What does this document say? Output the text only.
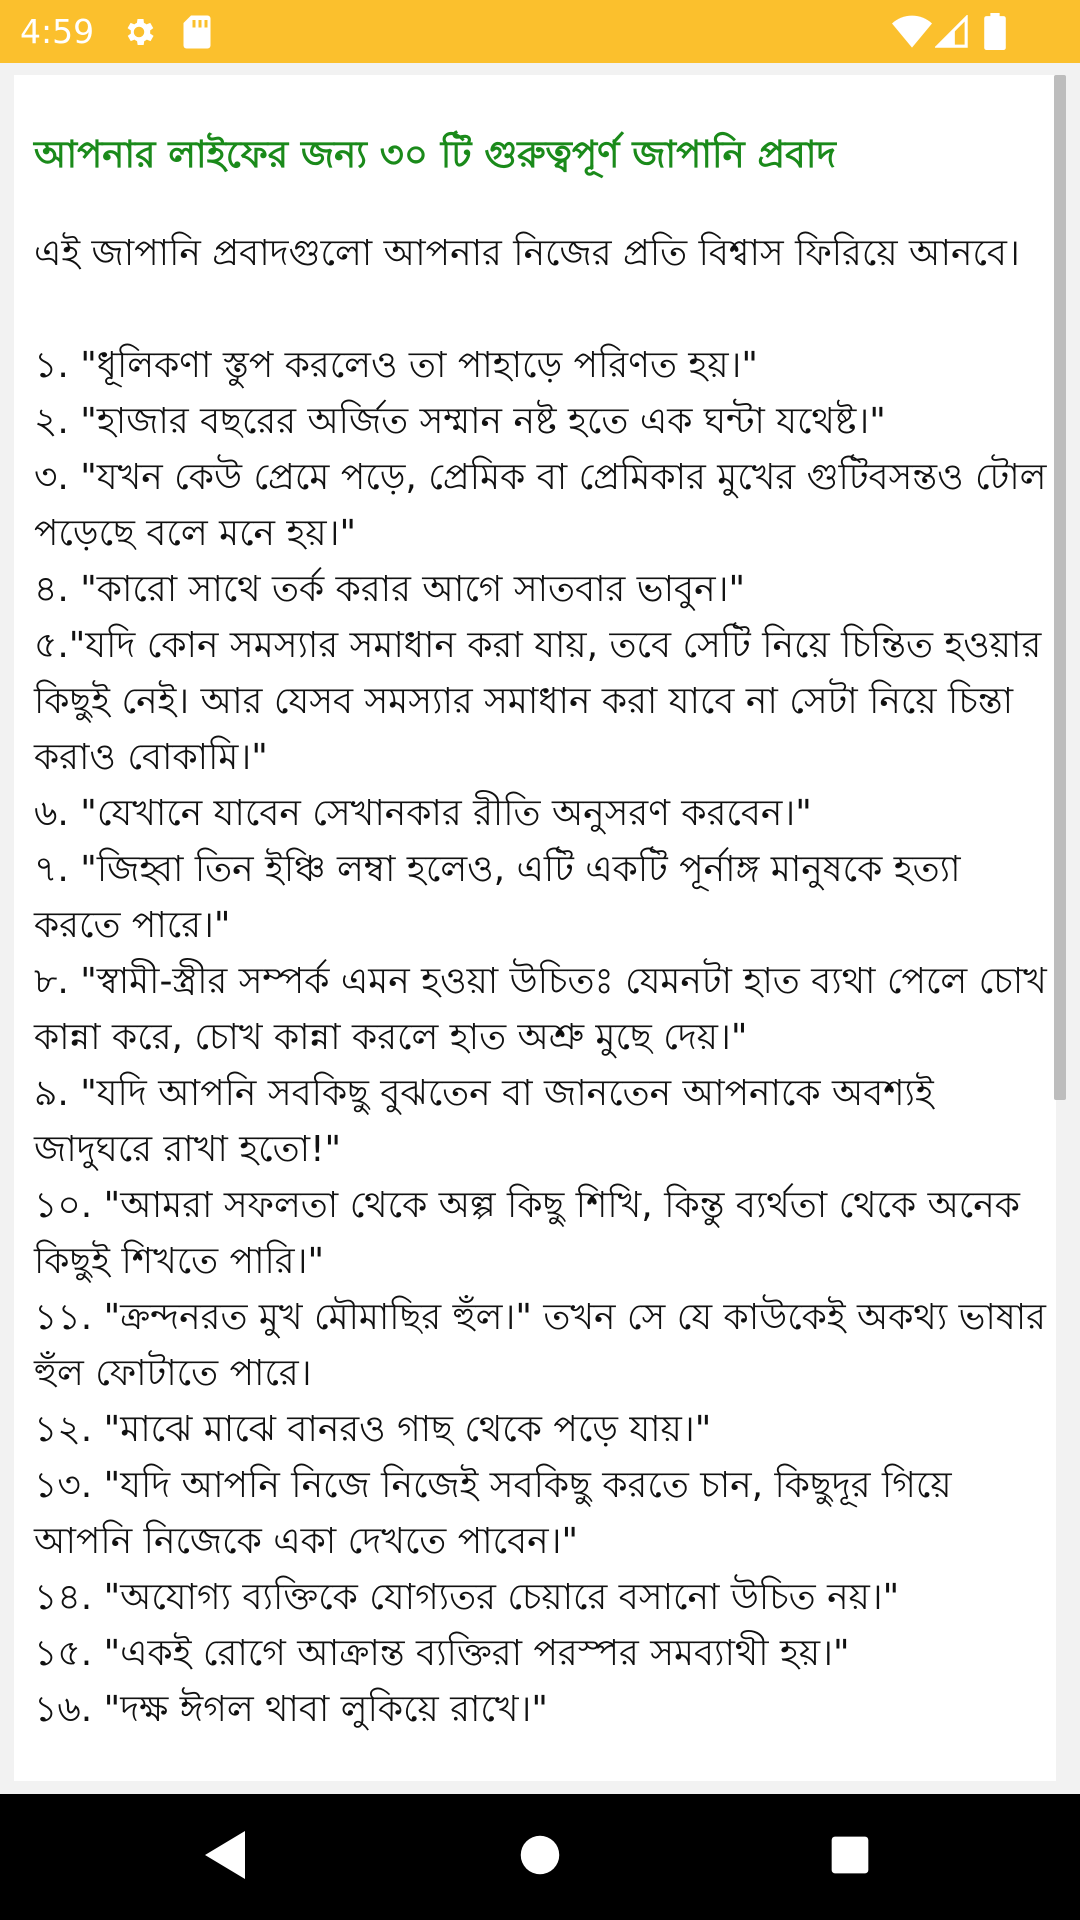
4:59
আপনার লাইফের জন্য ৩০ টি গুরুত্বপূর্ণ জাপানি প্রবাদ

এই জাপানি প্রবাদগুলো আপনার নিজের প্রতি বিশ্বাস ফিরিয়ে আনবে।

১. "ধূলিকণা স্তুপ করলেও তা পাহাড়ে পরিণত হয়।"
২. "হাজার বছরের অর্জিত সম্মান নষ্ট হতে এক ঘন্টা যথেষ্ট।"
৩. "যখন কেউ প্রেমে পড়ে, প্রেমিক বা প্রেমিকার মুখের গুটিবসন্তও টোল পড়েছে বলে মনে হয়।"
৪. "কারো সাথে তর্ক করার আগে সাতবার ভাবুন।"
৫."যদি কোন সমস্যার সমাধান করা যায়, তবে সেটি নিয়ে চিন্তিত হওয়ার কিছুই নেই। আর যেসব সমস্যার সমাধান করা যাবে না সেটা নিয়ে চিন্তা করাও বোকামি।"
৬. "যেখানে যাবেন সেখানকার রীতি অনুসরণ করবেন।"
৭. "জিহ্বা তিন ইঞ্চি লম্বা হলেও, এটি একটি পূর্নাঙ্গ মানুষকে হত্যা করতে পারে।"
৮. "স্বামী-স্ত্রীর সম্পর্ক এমন হওয়া উচিতঃ যেমনটা হাত ব্যথা পেলে চোখ কান্না করে, চোখ কান্না করলে হাত অশ্রু মুছে দেয়।"
৯. "যদি আপনি সবকিছু বুঝতেন বা জানতেন আপনাকে অবশ্যই জাদুঘরে রাখা হতো!"
১০. "আমরা সফলতা থেকে অল্প কিছু শিখি, কিন্তু ব্যর্থতা থেকে অনেক কিছুই শিখতে পারি।"
১১. "ক্রন্দনরত মুখ মৌমাছির হুঁল।" তখন সে যে কাউকেই অকথ্য ভাষার হুঁল ফোটাতে পারে।
১২. "মাঝে মাঝে বানরও গাছ থেকে পড়ে যায়।"
১৩. "যদি আপনি নিজে নিজেই সবকিছু করতে চান, কিছুদূর গিয়ে আপনি নিজেকে একা দেখতে পাবেন।"
১৪. "অযোগ্য ব্যক্তিকে যোগ্যতর চেয়ারে বসানো উচিত নয়।"
১৫. "একই রোগে আক্রান্ত ব্যক্তিরা পরস্পর সমব্যাথী হয়।"
১৬. "দক্ষ ঈগল থাবা লুকিয়ে রাখে।"
